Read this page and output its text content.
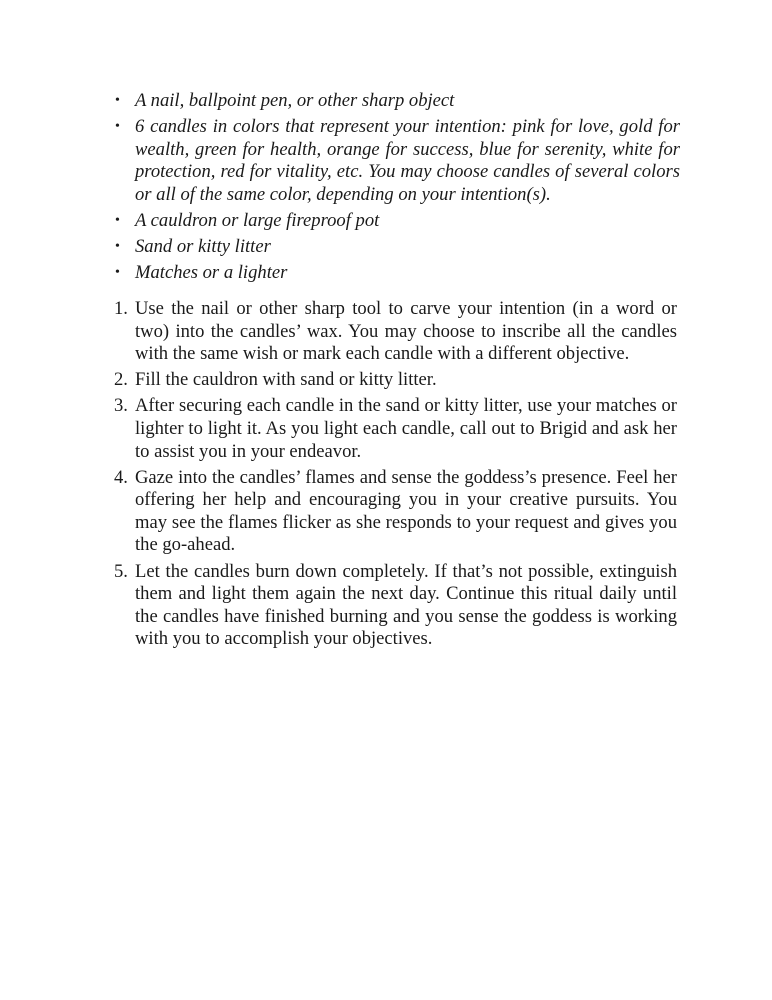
• A nail, ballpoint pen, or other sharp object
• 6 candles in colors that represent your intention: pink for love, gold for wealth, green for health, orange for success, blue for serenity, white for protection, red for vitality, etc. You may choose candles of several colors or all of the same color, depending on your intention(s).
• A cauldron or large fireproof pot
• Sand or kitty litter
• Matches or a lighter
1. Use the nail or other sharp tool to carve your intention (in a word or two) into the candles’ wax. You may choose to inscribe all the candles with the same wish or mark each candle with a different objective.
2. Fill the cauldron with sand or kitty litter.
3. After securing each candle in the sand or kitty litter, use your matches or lighter to light it. As you light each candle, call out to Brigid and ask her to assist you in your endeavor.
4. Gaze into the candles’ flames and sense the goddess’s presence. Feel her offering her help and encouraging you in your creative pursuits. You may see the flames flicker as she responds to your request and gives you the go-ahead.
5. Let the candles burn down completely. If that’s not possible, extinguish them and light them again the next day. Continue this ritual daily until the candles have finished burning and you sense the goddess is working with you to accomplish your objectives.
